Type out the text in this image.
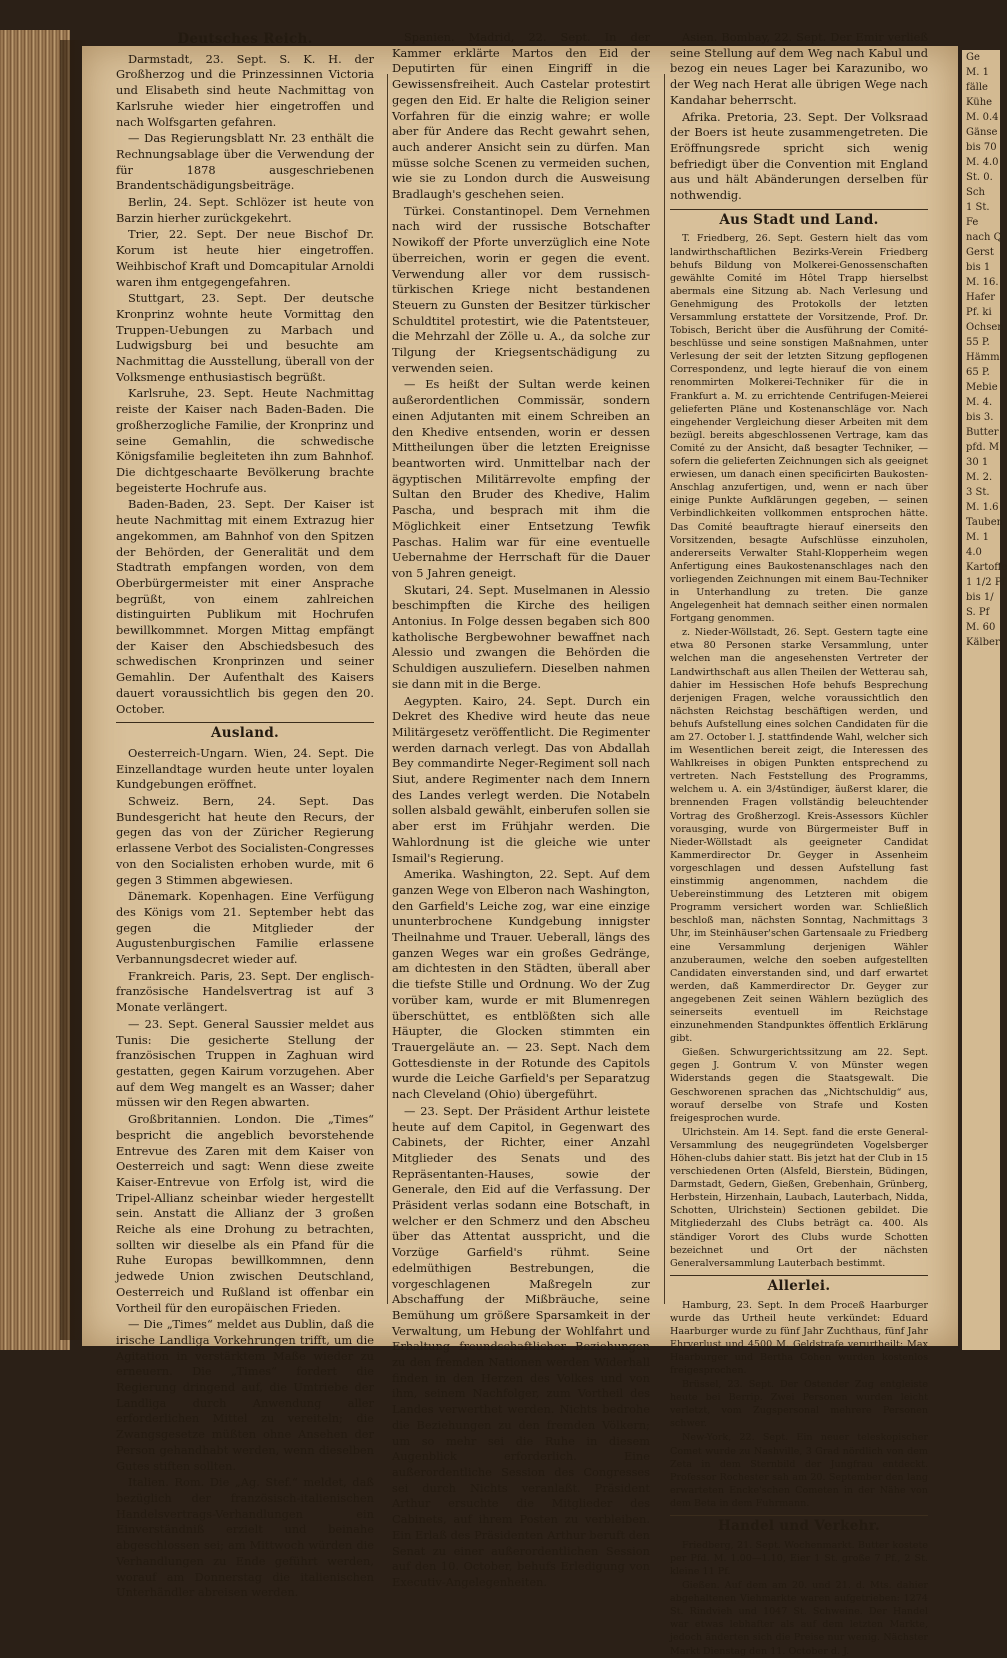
Deutsches Reich.

Darmstadt, 23. Sept. S. K. H. der Großherzog und die Prinzessinnen Victoria und Elisabeth sind heute Nachmittag von Karlsruhe wieder hier eingetroffen und nach Wolfsgarten gefahren.

— Das Regierungsblatt Nr. 23 enthält die Rechnungsablage über die Verwendung der für 1878 ausgeschriebenen Brandentschädigungsbeiträge.

Berlin, 24. Sept. Schlözer ist heute von Barzin hierher zurückgekehrt.

Trier, 22. Sept. Der neue Bischof Dr. Korum ist heute hier eingetroffen. Weihbischof Kraft und Domcapitular Arnoldi waren ihm entgegengefahren.

Stuttgart, 23. Sept. Der deutsche Kronprinz wohnte heute Vormittag den Truppen-Uebungen zu Marbach und Ludwigsburg bei und besuchte am Nachmittag die Ausstellung, überall von der Volksmenge enthusiastisch begrüßt.

Karlsruhe, 23. Sept. Heute Nachmittag reiste der Kaiser nach Baden-Baden. Die großherzogliche Familie, der Kronprinz und seine Gemahlin, die schwedische Königsfamilie begleiteten ihn zum Bahnhof. Die dichtgeschaarte Bevölkerung brachte begeisterte Hochrufe aus.

Baden-Baden, 23. Sept. Der Kaiser ist heute Nachmittag mit einem Extrazug hier angekommen, am Bahnhof von den Spitzen der Behörden, der Generalität und dem Stadtrath empfangen worden, von dem Oberbürgermeister mit einer Ansprache begrüßt, von einem zahlreichen distinguirten Publikum mit Hochrufen bewillkommnet. Morgen Mittag empfängt der Kaiser den Abschiedsbesuch des schwedischen Kronprinzen und seiner Gemahlin. Der Aufenthalt des Kaisers dauert voraussichtlich bis gegen den 20. October.

Ausland.

Oesterreich-Ungarn. Wien, 24. Sept. Die Einzellandtage wurden heute unter loyalen Kundgebungen eröffnet.

Schweiz. Bern, 24. Sept. Das Bundesgericht hat heute den Recurs, der gegen das von der Züricher Regierung erlassene Verbot des Socialisten-Congresses von den Socialisten erhoben wurde, mit 6 gegen 3 Stimmen abgewiesen.

Dänemark. Kopenhagen. Eine Verfügung des Königs vom 21. September hebt das gegen die Mitglieder der Augustenburgischen Familie erlassene Verbannungsdecret wieder auf.

Frankreich. Paris, 23. Sept. Der englisch-französische Handelsvertrag ist auf 3 Monate verlängert.

— 23. Sept. General Saussier meldet aus Tunis: Die gesicherte Stellung der französischen Truppen in Zaghuan wird gestatten, gegen Kairum vorzugehen. Aber auf dem Weg mangelt es an Wasser; daher müssen wir den Regen abwarten.

Großbritannien. London. Die „Times“ bespricht die angeblich bevorstehende Entrevue des Zaren mit dem Kaiser von Oesterreich und sagt: Wenn diese zweite Kaiser-Entrevue von Erfolg ist, wird die Tripel-Allianz scheinbar wieder hergestellt sein. Anstatt die Allianz der 3 großen Reiche als eine Drohung zu betrachten, sollten wir dieselbe als ein Pfand für die Ruhe Europas bewillkommnen, denn jedwede Union zwischen Deutschland, Oesterreich und Rußland ist offenbar ein Vortheil für den europäischen Frieden.

— Die „Times“ meldet aus Dublin, daß die irische Landliga Vorkehrungen trifft, um die Agitation in verstärktem Maße wieder zu erneuern. Die „Times“ fordert die Regierung dringend auf, die Umtriebe der Landliga durch Anwendung aller erforderlichen Mittel zu vereiteln; die Zwangsgesetze müßten ohne Ansehen der Person gehandhabt werden, wenn dieselben Gutes stiften sollten.

Italien. Rom. Die „Ag. Stef.“ meldet, daß bezüglich der französisch-italienischen Handelsvertrags-Verhandlungen ein Einverständniß erzielt und beinahe abgeschlossen sei; am Mittwoch würden die Verhandlungen zu Ende geführt werden, worauf am Donnerstag die italienischen Unterhändler abreisen werden.

Spanien. Madrid, 22. Sept. In der Kammer erklärte Martos den Eid der Deputirten für einen Eingriff in die Gewissensfreiheit. Auch Castelar protestirt gegen den Eid. Er halte die Religion seiner Vorfahren für die einzig wahre; er wolle aber für Andere das Recht gewahrt sehen, auch anderer Ansicht sein zu dürfen. Man müsse solche Scenen zu vermeiden suchen, wie sie zu London durch die Ausweisung Bradlaugh's geschehen seien.

Türkei. Constantinopel. Dem Vernehmen nach wird der russische Botschafter Nowikoff der Pforte unverzüglich eine Note überreichen, worin er gegen die event. Verwendung aller vor dem russisch-türkischen Kriege nicht bestandenen Steuern zu Gunsten der Besitzer türkischer Schuldtitel protestirt, wie die Patentsteuer, die Mehrzahl der Zölle u. A., da solche zur Tilgung der Kriegsentschädigung zu verwenden seien.

— Es heißt der Sultan werde keinen außerordentlichen Commissär, sondern einen Adjutanten mit einem Schreiben an den Khedive entsenden, worin er dessen Mittheilungen über die letzten Ereignisse beantworten wird. Unmittelbar nach der ägyptischen Militärrevolte empfing der Sultan den Bruder des Khedive, Halim Pascha, und besprach mit ihm die Möglichkeit einer Entsetzung Tewfik Paschas. Halim war für eine eventuelle Uebernahme der Herrschaft für die Dauer von 5 Jahren geneigt.

Skutari, 24. Sept. Muselmanen in Alessio beschimpften die Kirche des heiligen Antonius. In Folge dessen begaben sich 800 katholische Bergbewohner bewaffnet nach Alessio und zwangen die Behörden die Schuldigen auszuliefern. Dieselben nahmen sie dann mit in die Berge.

Aegypten. Kairo, 24. Sept. Durch ein Dekret des Khedive wird heute das neue Militärgesetz veröffentlicht. Die Regimenter werden darnach verlegt. Das von Abdallah Bey commandirte Neger-Regiment soll nach Siut, andere Regimenter nach dem Innern des Landes verlegt werden. Die Notabeln sollen alsbald gewählt, einberufen sollen sie aber erst im Frühjahr werden. Die Wahlordnung ist die gleiche wie unter Ismail's Regierung.

Amerika. Washington, 22. Sept. Auf dem ganzen Wege von Elberon nach Washington, den Garfield's Leiche zog, war eine einzige ununterbrochene Kundgebung innigster Theilnahme und Trauer. Ueberall, längs des ganzen Weges war ein großes Gedränge, am dichtesten in den Städten, überall aber die tiefste Stille und Ordnung. Wo der Zug vorüber kam, wurde er mit Blumenregen überschüttet, es entblößten sich alle Häupter, die Glocken stimmten ein Trauergeläute an. — 23. Sept. Nach dem Gottesdienste in der Rotunde des Capitols wurde die Leiche Garfield's per Separatzug nach Cleveland (Ohio) übergeführt.

— 23. Sept. Der Präsident Arthur leistete heute auf dem Capitol, in Gegenwart des Cabinets, der Richter, einer Anzahl Mitglieder des Senats und des Repräsentanten-Hauses, sowie der Generale, den Eid auf die Verfassung. Der Präsident verlas sodann eine Botschaft, in welcher er den Schmerz und den Abscheu über das Attentat ausspricht, und die Vorzüge Garfield's rühmt. Seine edelmüthigen Bestrebungen, die vorgeschlagenen Maßregeln zur Abschaffung der Mißbräuche, seine Bemühung um größere Sparsamkeit in der Verwaltung, um Hebung der Wohlfahrt und Erhaltung freundschaftlicher Beziehungen zu den fremden Nationen werden Widerhall finden in den Herzen des Volkes und von ihm, seinem Nachfolger, zum Vortheil des Landes verwerthet werden. Nichts bedrohe die Beziehungen zu den fremden Völkern; um so mehr sei die Ruhe in diesem Augenblick erforderlich. Eine außerordentliche Session des Congresses sei durch Nichts veranlaßt. Präsident Arthur ersuchte die Mitglieder des Cabinets, auf ihrem Posten zu verbleiben. Ein Erlaß des Präsidenten Arthur beruft den Senat zu einer außerordentlichen Session auf den 10. October, behufs Erledigung von Executiv-Angelegenheiten.

Asien. Bombay, 22. Sept. Der Emir verließ seine Stellung auf dem Weg nach Kabul und bezog ein neues Lager bei Karazunibo, wo der Weg nach Herat alle übrigen Wege nach Kandahar beherrscht.

Afrika. Pretoria, 23. Sept. Der Volksraad der Boers ist heute zusammengetreten. Die Eröffnungsrede spricht sich wenig befriedigt über die Convention mit England aus und hält Abänderungen derselben für nothwendig.

Aus Stadt und Land.

T. Friedberg, 26. Sept. Gestern hielt das vom landwirthschaftlichen Bezirks-Verein Friedberg behufs Bildung von Molkerei-Genossenschaften gewählte Comité im Hôtel Trapp hierselbst abermals eine Sitzung ab. Nach Verlesung und Genehmigung des Protokolls der letzten Versammlung erstattete der Vorsitzende, Prof. Dr. Tobisch, Bericht über die Ausführung der Comité-beschlüsse und seine sonstigen Maßnahmen, unter Verlesung der seit der letzten Sitzung gepflogenen Correspondenz, und legte hierauf die von einem renommirten Molkerei-Techniker für die in Frankfurt a. M. zu errichtende Centrifugen-Meierei gelieferten Pläne und Kostenanschläge vor. Nach eingehender Vergleichung dieser Arbeiten mit dem bezügl. bereits abgeschlossenen Vertrage, kam das Comité zu der Ansicht, daß besagter Techniker, — sofern die gelieferten Zeichnungen sich als geeignet erwiesen, um danach einen specificirten Baukosten-Anschlag anzufertigen, und, wenn er nach über einige Punkte Aufklärungen gegeben, — seinen Verbindlichkeiten vollkommen entsprochen hätte. Das Comité beauftragte hierauf einerseits den Vorsitzenden, besagte Aufschlüsse einzuholen, andererseits Verwalter Stahl-Klopperheim wegen Anfertigung eines Baukostenanschlages nach den vorliegenden Zeichnungen mit einem Bau-Techniker in Unterhandlung zu treten. Die ganze Angelegenheit hat demnach seither einen normalen Fortgang genommen.

z. Nieder-Wöllstadt, 26. Sept. Gestern tagte eine etwa 80 Personen starke Versammlung, unter welchen man die angesehensten Vertreter der Landwirthschaft aus allen Theilen der Wetterau sah, dahier im Hessischen Hofe behufs Besprechung derjenigen Fragen, welche voraussichtlich den nächsten Reichstag beschäftigen werden, und behufs Aufstellung eines solchen Candidaten für die am 27. October l. J. stattfindende Wahl, welcher sich im Wesentlichen bereit zeigt, die Interessen des Wahlkreises in obigen Punkten entsprechend zu vertreten. Nach Feststellung des Programms, welchem u. A. ein 3/4stündiger, äußerst klarer, die brennenden Fragen vollständig beleuchtender Vortrag des Großherzogl. Kreis-Assessors Küchler vorausging, wurde von Bürgermeister Buff in Nieder-Wöllstadt als geeigneter Candidat Kammerdirector Dr. Geyger in Assenheim vorgeschlagen und dessen Aufstellung fast einstimmig angenommen, nachdem die Uebereinstimmung des Letzteren mit obigem Programm versichert worden war. Schließlich beschloß man, nächsten Sonntag, Nachmittags 3 Uhr, im Steinhäuser'schen Gartensaale zu Friedberg eine Versammlung derjenigen Wähler anzuberaumen, welche den soeben aufgestellten Candidaten einverstanden sind, und darf erwartet werden, daß Kammerdirector Dr. Geyger zur angegebenen Zeit seinen Wählern bezüglich des seinerseits eventuell im Reichstage einzunehmenden Standpunktes öffentlich Erklärung gibt.

Gießen. Schwurgerichtssitzung am 22. Sept. gegen J. Gontrum V. von Münster wegen Widerstands gegen die Staatsgewalt. Die Geschworenen sprachen das „Nichtschuldig“ aus, worauf derselbe von Strafe und Kosten freigesprochen wurde.

Ulrichstein. Am 14. Sept. fand die erste General-Versammlung des neugegründeten Vogelsberger Höhen-clubs dahier statt. Bis jetzt hat der Club in 15 verschiedenen Orten (Alsfeld, Bierstein, Büdingen, Darmstadt, Gedern, Gießen, Grebenhain, Grünberg, Herbstein, Hirzenhain, Laubach, Lauterbach, Nidda, Schotten, Ulrichstein) Sectionen gebildet. Die Mitgliederzahl des Clubs beträgt ca. 400. Als ständiger Vorort des Clubs wurde Schotten bezeichnet und Ort der nächsten Generalversammlung Lauterbach bestimmt.

Allerlei.

Hamburg, 23. Sept. In dem Proceß Haarburger wurde das Urtheil heute verkündet: Eduard Haarburger wurde zu fünf Jahr Zuchthaus, fünf Jahr Ehrverlust und 4500 M. Geldstrafe verurtheilt; Max Haarburger und Bertha Cohen wurden kostenlos freigesprochen.

Brüssel, 23. Sept. Der Ostender Zug entgleiste heute bei Berrip. Zwei Personen wurden leicht verletzt, vom Zugspersonal mehrere Personen schwer.

New-York, 22. Sept. Ein neuer teleskopischer Comet wurde zu Nashville, 3 Grad nördlich von dem Zeta in dem Sternbild der Jungfrau entdeckt. Professor Rochester sah am 20. September den lang erwarteten Encke'schen Cometen in der Nähe von dem Beta in dem Fuhrmann.

Handel und Verkehr.

Friedberg, 21. Sept. Wochenmarkt. Butter kostete per Pfd. M. 1.00—1.10, Eier 1 St. große 7 Pf., 2 St. kleine 11 Pf.

Gießen. Auf dem am 20. und 21. d. Mts. dahier abgehaltenen Viehmarkte waren aufgetrieben: 1274 St. Rindvieh und 1047 St. Schweine. Der Handel war etwas lebhafter als auf dem letzten Markte, jedoch änderten sich die Preise nur wenig. Nächster Markt Dienstag den 11. October d. J.

Ge
M. 1
fälle
Kühe
M. 0.4
Gänse
bis 70
M. 4.0
St. 0.
Sch
1 St.
Fe
nach Q
Gerst
bis 1
M. 16.
Hafer
Pf. ki
Ochsen
55 P.
Hämm
65 P.
Mebie
M. 4.
bis 3.
Butter
pfd. M
30 1
M. 2.
3 St.
M. 1.6
Tauben
M. 1
4.0
Kartoffe
1 1/2 Pf
bis 1/
S. Pf
M. 60
Kälber
